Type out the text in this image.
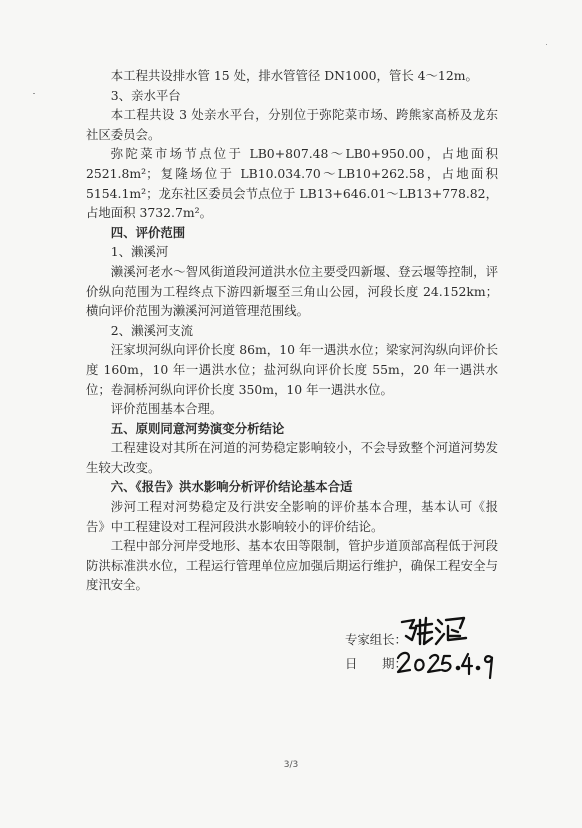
本工程共设排水管 15 处，排水管管径 DN1000，管长 4～12m。

3、亲水平台

本工程共设 3 处亲水平台，分别位于弥陀菜市场、跨熊家高桥及龙东社区委员会。

弥陀菜市场节点位于 LB0+807.48～LB0+950.00，占地面积 2521.8m²；复隆场位于 LB10.034.70～LB10+262.58，占地面积 5154.1m²；龙东社区委员会节点位于 LB13+646.01～LB13+778.82，占地面积 3732.7m²。

四、评价范围

1、濑溪河

濑溪河老水～智风街道段河道洪水位主要受四新堰、登云堰等控制，评价纵向范围为工程终点下游四新堰至三角山公园，河段长度 24.152km；横向评价范围为濑溪河河道管理范围线。

2、濑溪河支流

汪家坝河纵向评价长度 86m，10 年一遇洪水位；梁家河沟纵向评价长度 160m，10 年一遇洪水位；盐河纵向评价长度 55m，20 年一遇洪水位；卷洞桥河纵向评价长度 350m，10 年一遇洪水位。

评价范围基本合理。

五、原则同意河势演变分析结论

工程建设对其所在河道的河势稳定影响较小，不会导致整个河道河势发生较大改变。

六、《报告》洪水影响分析评价结论基本合适

涉河工程对河势稳定及行洪安全影响的评价基本合理，基本认可《报告》中工程建设对工程河段洪水影响较小的评价结论。

工程中部分河岸受地形、基本农田等限制，管护步道顶部高程低于河段防洪标准洪水位，工程运行管理单位应加强后期运行维护，确保工程安全与度汛安全。

专家组长：
日　　期：
3/3
